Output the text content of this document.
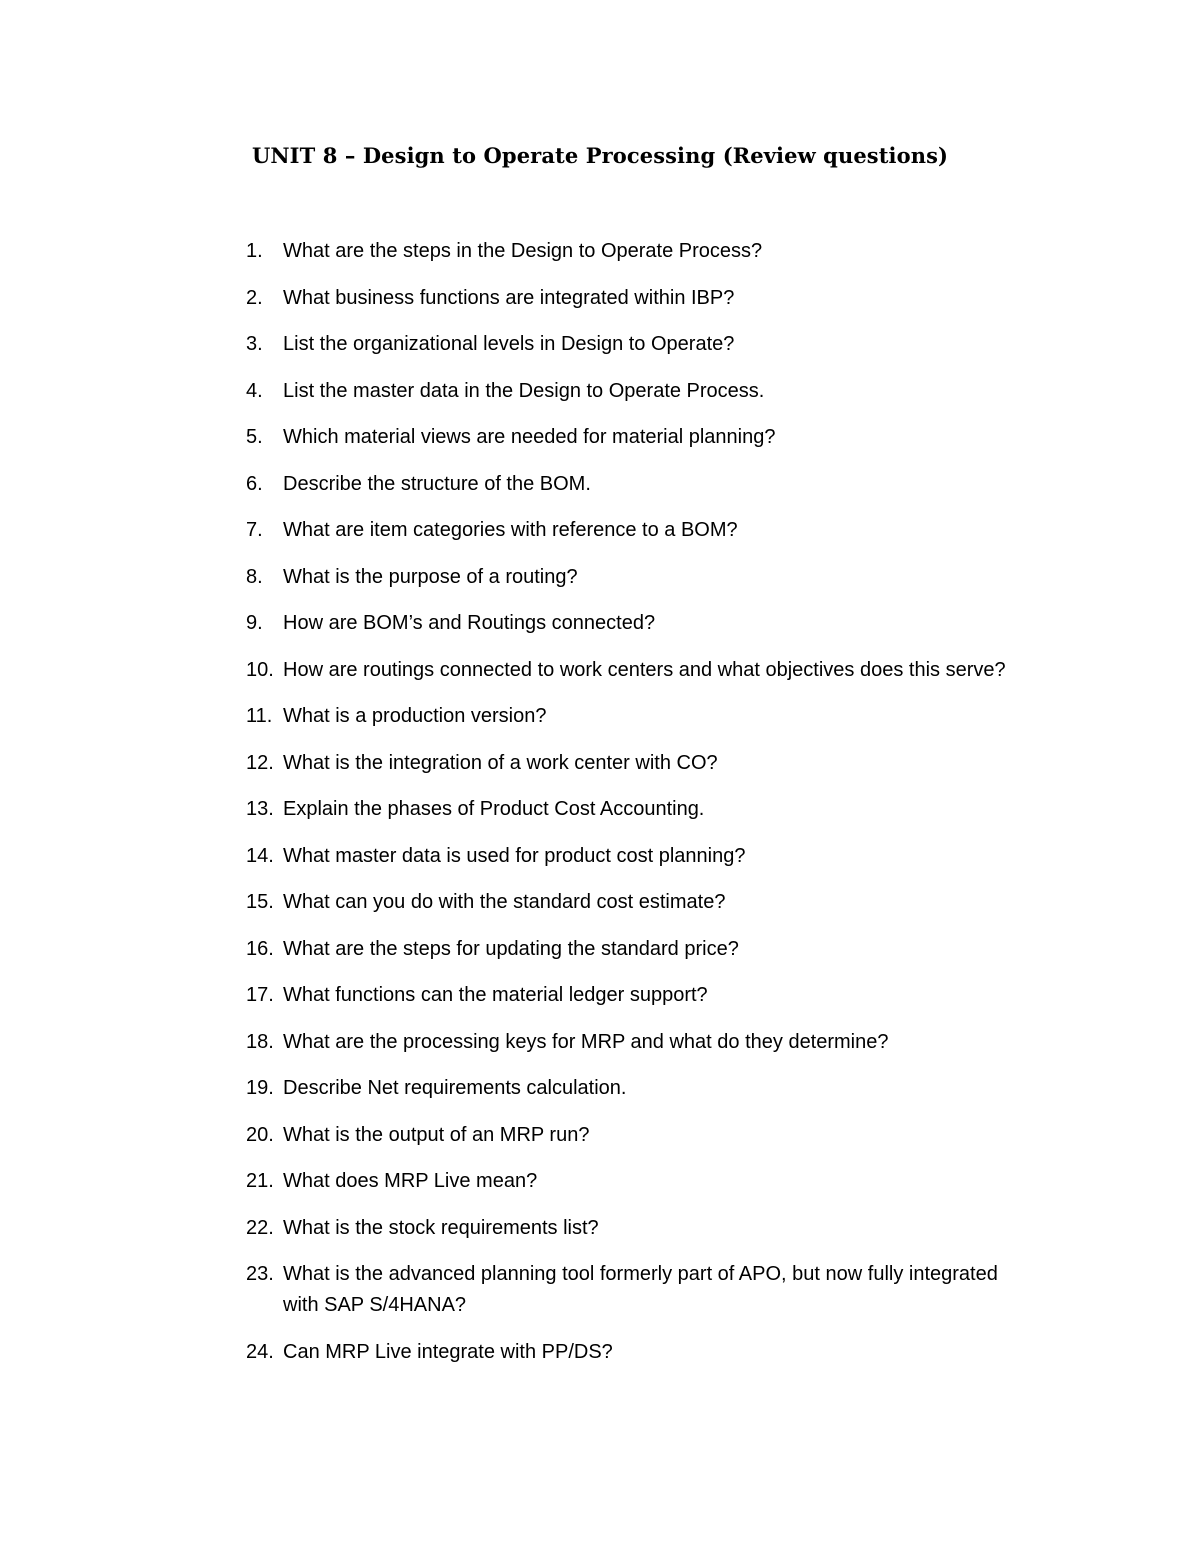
UNIT 8 – Design to Operate Processing (Review questions)
1.	What are the steps in the Design to Operate Process?
2.	What business functions are integrated within IBP?
3.	List the organizational levels in Design to Operate?
4.	List the master data in the Design to Operate Process.
5.	Which material views are needed for material planning?
6.	Describe the structure of the BOM.
7.	What are item categories with reference to a BOM?
8.	What is the purpose of a routing?
9.	How are BOM’s and Routings connected?
10. How are routings connected to work centers and what objectives does this serve?
11. What is a production version?
12. What is the integration of a work center with CO?
13. Explain the phases of Product Cost Accounting.
14. What master data is used for product cost planning?
15. What can you do with the standard cost estimate?
16. What are the steps for updating the standard price?
17. What functions can the material ledger support?
18. What are the processing keys for MRP and what do they determine?
19. Describe Net requirements calculation.
20. What is the output of an MRP run?
21. What does MRP Live mean?
22. What is the stock requirements list?
23. What is the advanced planning tool formerly part of APO, but now fully integrated with SAP S/4HANA?
24. Can MRP Live integrate with PP/DS?
